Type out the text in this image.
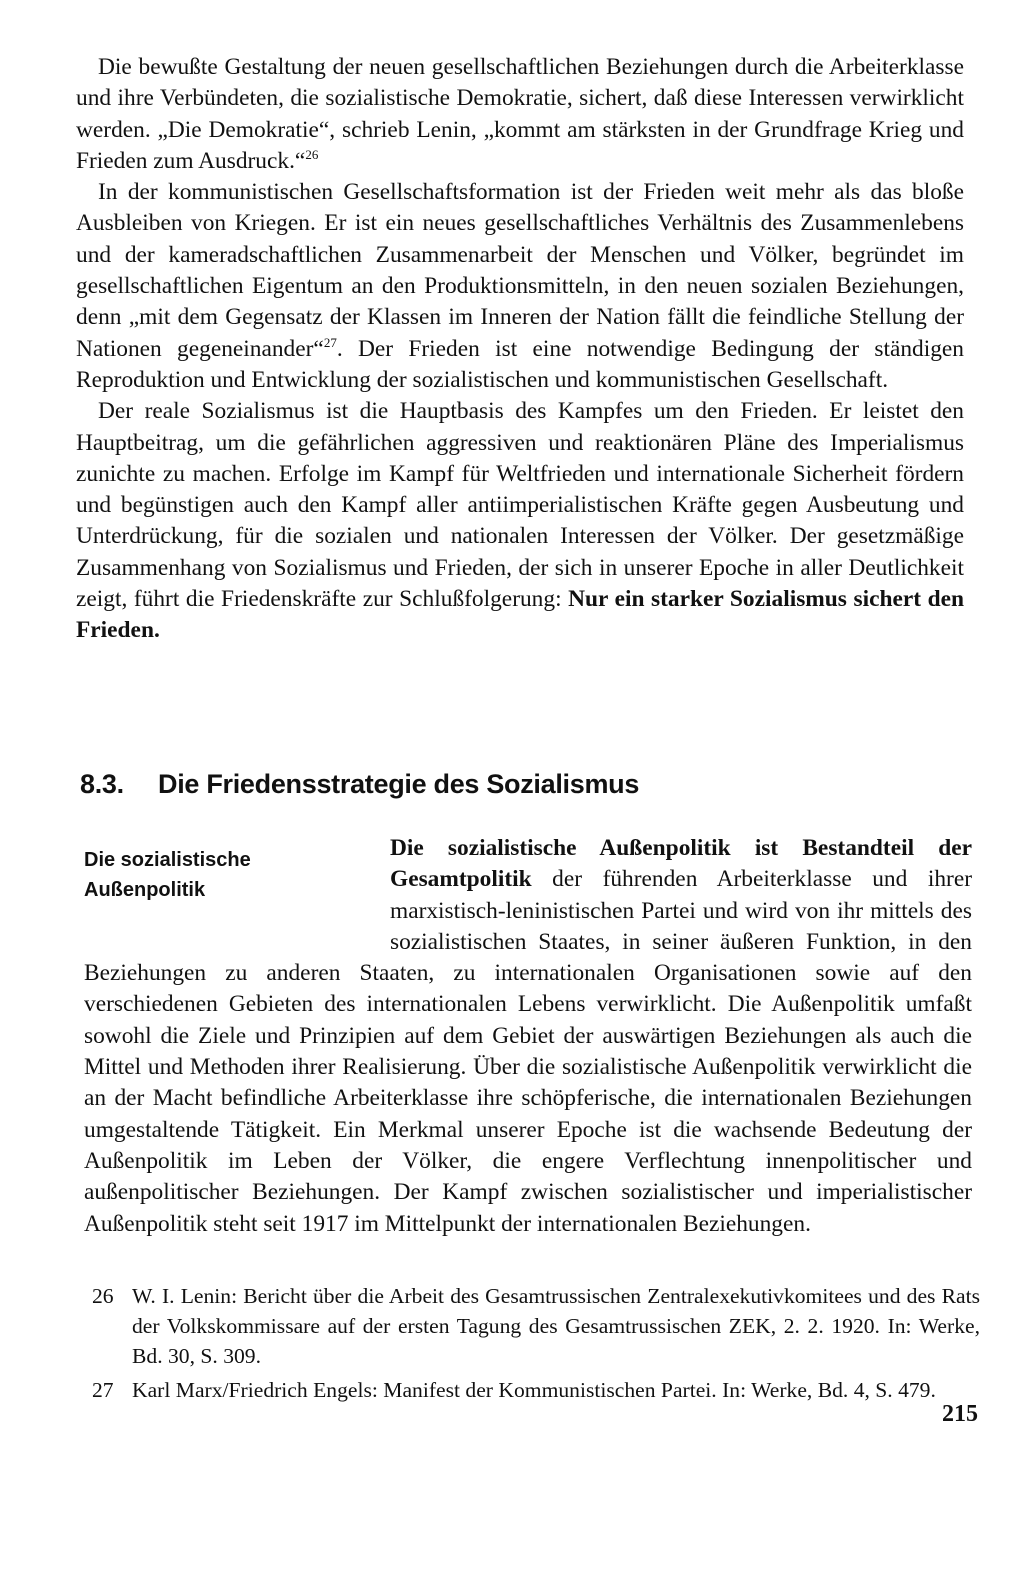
Die bewußte Gestaltung der neuen gesellschaftlichen Beziehungen durch die Arbeiterklasse und ihre Verbündeten, die sozialistische Demokratie, sichert, daß diese Interessen verwirklicht werden. „Die Demokratie“, schrieb Lenin, „kommt am stärksten in der Grundfrage Krieg und Frieden zum Ausdruck.“$^{26}$

In der kommunistischen Gesellschaftsformation ist der Frieden weit mehr als das bloße Ausbleiben von Kriegen. Er ist ein neues gesellschaftliches Verhältnis des Zusammenlebens und der kameradschaftlichen Zusammenarbeit der Menschen und Völker, begründet im gesellschaftlichen Eigentum an den Produktionsmitteln, in den neuen sozialen Beziehungen, denn „mit dem Gegensatz der Klassen im Inneren der Nation fällt die feindliche Stellung der Nationen gegeneinander“$^{27}$. Der Frieden ist eine notwendige Bedingung der ständigen Reproduktion und Entwicklung der sozialistischen und kommunistischen Gesellschaft.

Der reale Sozialismus ist die Hauptbasis des Kampfes um den Frieden. Er leistet den Hauptbeitrag, um die gefährlichen aggressiven und reaktionären Pläne des Imperialismus zunichte zu machen. Erfolge im Kampf für Weltfrieden und internationale Sicherheit fördern und begünstigen auch den Kampf aller antiimperialistischen Kräfte gegen Ausbeutung und Unterdrückung, für die sozialen und nationalen Interessen der Völker. Der gesetzmäßige Zusammenhang von Sozialismus und Frieden, der sich in unserer Epoche in aller Deutlichkeit zeigt, führt die Friedenskräfte zur Schlußfolgerung: Nur ein starker Sozialismus sichert den Frieden.

8.3. Die Friedensstrategie des Sozialismus
Die sozialistische
Außenpolitik
Die sozialistische Außenpolitik ist Bestandteil der Gesamtpolitik der führenden Arbeiterklasse und ihrer marxistisch-leninistischen Partei und wird von ihr mittels des sozialistischen Staates, in seiner äußeren Funktion, in den Beziehungen zu anderen Staaten, zu internationalen Organisationen sowie auf den verschiedenen Gebieten des internationalen Lebens verwirklicht. Die Außenpolitik umfaßt sowohl die Ziele und Prinzipien auf dem Gebiet der auswärtigen Beziehungen als auch die Mittel und Methoden ihrer Realisierung. Über die sozialistische Außenpolitik verwirklicht die an der Macht befindliche Arbeiterklasse ihre schöpferische, die internationalen Beziehungen umgestaltende Tätigkeit. Ein Merkmal unserer Epoche ist die wachsende Bedeutung der Außenpolitik im Leben der Völker, die engere Verflechtung innenpolitischer und außenpolitischer Beziehungen. Der Kampf zwischen sozialistischer und imperialistischer Außenpolitik steht seit 1917 im Mittelpunkt der internationalen Beziehungen.

26 W. I. Lenin: Bericht über die Arbeit des Gesamtrussischen Zentralexekutivkomitees und des Rats der Volkskommissare auf der ersten Tagung des Gesamtrussischen ZEK, 2. 2. 1920. In: Werke, Bd. 30, S. 309.

27 Karl Marx/Friedrich Engels: Manifest der Kommunistischen Partei. In: Werke, Bd. 4, S. 479.

215
